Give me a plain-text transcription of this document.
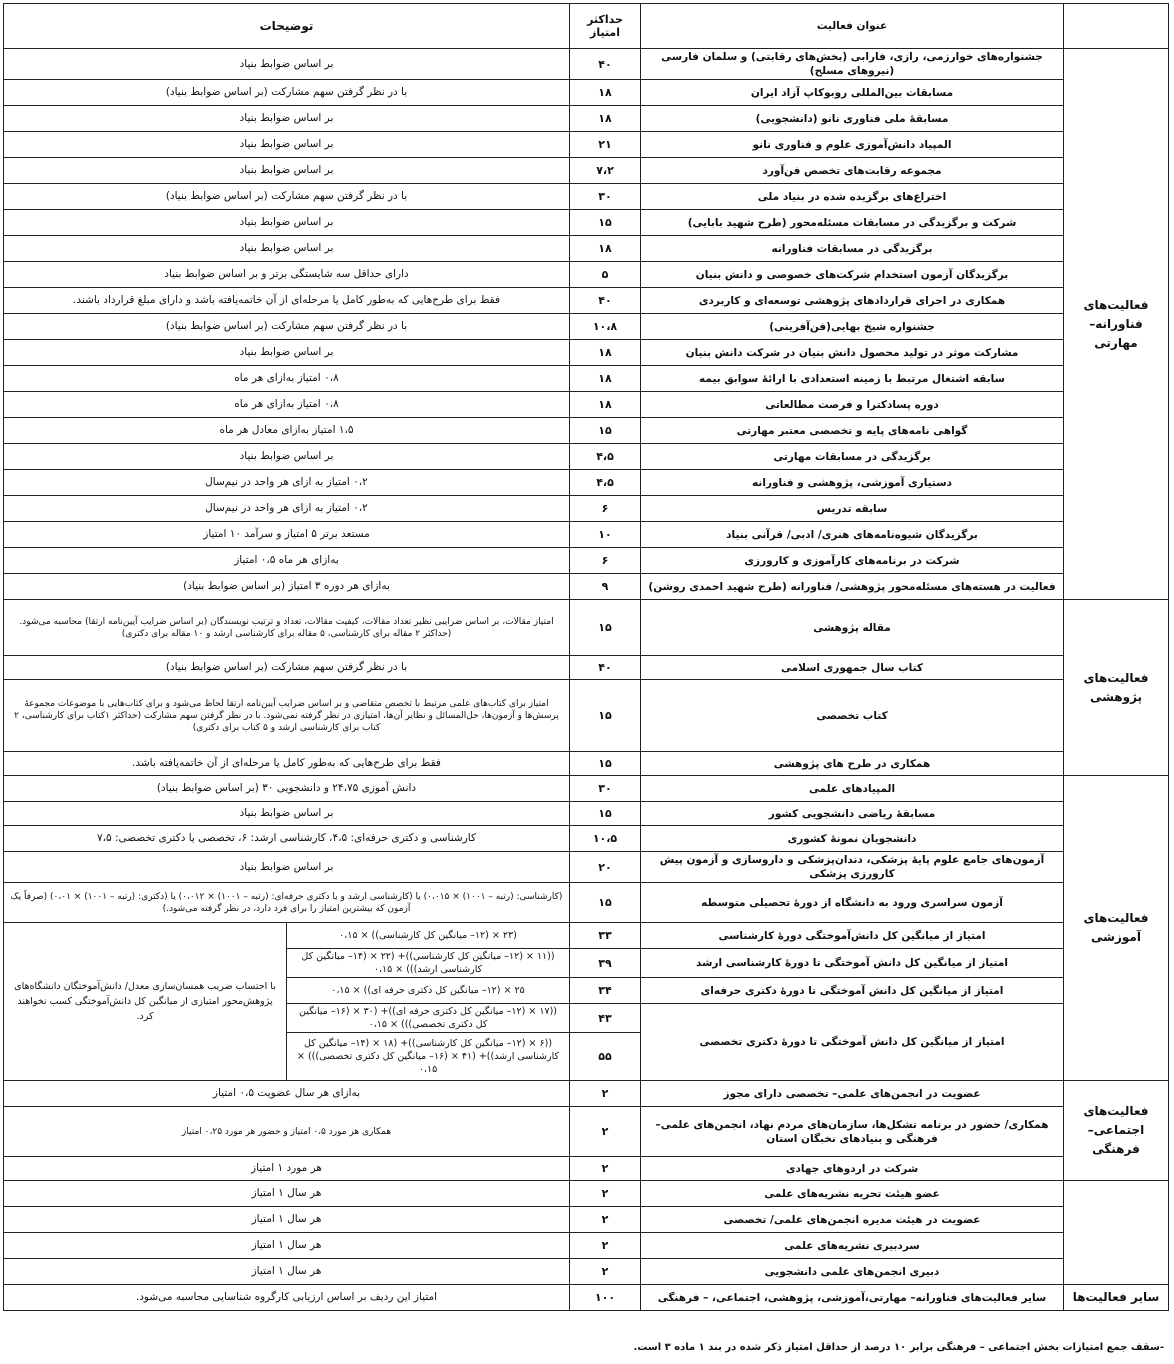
	عنوان فعالیت	حداکثر امتیاز	توضیحات	
فعالیت‌های فناورانه– مهارتی	جشنواره‌های خوارزمی، رازی، فارابی (بخش‌های رقابتی) و سلمان فارسی (نیروهای مسلح)	۴۰	بر اساس ضوابط بنیاد	
	مسابقات بین‌المللی روبوکاپ آزاد ایران	۱۸	با در نظر گرفتن سهم مشارکت (بر اساس ضوابط بنیاد)	
	مسابقهٔ ملی فناوری نانو (دانشجویی)	۱۸	بر اساس ضوابط بنیاد	
	المپیاد دانش‌آموزی علوم و فناوری نانو	۲۱	بر اساس ضوابط بنیاد	
	مجموعه رقابت‌های تخصص فن‌آورد	۷،۲	بر اساس ضوابط بنیاد	
	اختراع‌های برگزیده شده در بنیاد ملی	۳۰	با در نظر گرفتن سهم مشارکت (بر اساس ضوابط بنیاد)	
	شرکت و برگزیدگی در مسابقات مسئله‌محور (طرح شهید بابایی)	۱۵	بر اساس ضوابط بنیاد	
	برگزیدگی در مسابقات فناورانه	۱۸	بر اساس ضوابط بنیاد	
	برگزیدگان آزمون استخدام شرکت‌های خصوصی و دانش بنیان	۵	دارای حداقل سه شایستگی برتر و بر اساس ضوابط بنیاد	
	همکاری در اجرای قراردادهای پژوهشی توسعه‌ای و کاربردی	۴۰	فقط برای طرح‌هایی که به‌طور کامل یا مرحله‌ای از آن خاتمه‌یافته باشد و دارای مبلغ قرارداد باشند.	
	جشنواره شیخ بهایی(فن‌آفرینی)	۱۰،۸	با در نظر گرفتن سهم مشارکت (بر اساس ضوابط بنیاد)	
	مشارکت موثر در تولید محصول دانش بنیان در شرکت دانش بنیان	۱۸	بر اساس ضوابط بنیاد	
	سابقه اشتغال مرتبط با زمینه استعدادی با ارائهٔ سوابق بیمه	۱۸	۰،۸ امتیاز به‌ازای هر ماه	
	دوره پسادکترا و فرصت مطالعاتی	۱۸	۰،۸ امتیاز به‌ازای هر ماه	
	گواهی نامه‌های پایه و تخصصی معتبر مهارتی	۱۵	۱،۵ امتیاز به‌ازای معادل هر ماه	
	برگزیدگی در مسابقات مهارتی	۴،۵	بر اساس ضوابط بنیاد	
	دستیاری آموزشی، پژوهشی و فناورانه	۴،۵	۰،۲ امتیاز به ازای هر واحد در نیم‌سال	
	سابقه تدریس	۶	۰،۲ امتیاز به ازای هر واحد در نیم‌سال	
	برگزیدگان شیوه‌نامه‌های هنری/ ادبی/ قرآنی بنیاد	۱۰	مستعد برتر ۵ امتیاز و سرآمد ۱۰ امتیاز	
	شرکت در برنامه‌های کارآموزی و کارورزی	۶	به‌ازای هر ماه ۰،۵ امتیاز	
	فعالیت در هسته‌های مسئله‌محور پژوهشی/ فناورانه (طرح شهید احمدی روشن)	۹	به‌ازای هر دوره ۳ امتیاز (بر اساس ضوابط بنیاد)	
فعالیت‌های پژوهشی	مقاله پژوهشی	۱۵	امتیاز مقالات، بر اساس ضرایبی نظیر تعداد مقالات، کیفیت مقالات، تعداد و ترتیب نویسندگان (بر اساس ضرایب آیین‌نامه ارتقا) محاسبه می‌شود. (حداکثر ۲ مقاله برای کارشناسی، ۵ مقاله برای کارشناسی ارشد و ۱۰ مقاله برای دکتری)	
	کتاب سال جمهوری اسلامی	۴۰	با در نظر گرفتن سهم مشارکت (بر اساس ضوابط بنیاد)	
	کتاب تخصصی	۱۵	امتیاز برای کتاب‌های علمی مرتبط با تخصص متقاضی و بر اساس ضرایب آیین‌نامه ارتقا لحاظ می‌شود و برای کتاب‌هایی با موضوعات مجموعهٔ پرسش‌ها و آزمون‌ها، حل‌المسائل و نظایر آن‌ها، امتیازی در نظر گرفته نمی‌شود. با در نظر گرفتن سهم مشارکت (حداکثر ۱کتاب برای کارشناسی، ۲ کتاب برای کارشناسی ارشد و ۵ کتاب برای دکتری)	
	همکاری در طرح های پژوهشی	۱۵	فقط برای طرح‌هایی که به‌طور کامل یا مرحله‌ای از آن خاتمه‌یافته باشد.	
فعالیت‌های آموزشی	المپیادهای علمی	۳۰	دانش آموزی ۲۴،۷۵ و دانشجویی ۳۰ (بر اساس ضوابط بنیاد)	
	مسابقهٔ ریاضی دانشجویی کشور	۱۵	بر اساس ضوابط بنیاد	
	دانشجویان نمونهٔ کشوری	۱۰،۵	کارشناسی و دکتری حرفه‌ای: ۴،۵، کارشناسی ارشد: ۶، تخصصی یا دکتری تخصصی: ۷،۵	
	آزمون‌های جامع علوم پایهٔ پزشکی، دندان‌پزشکی و داروسازی و آزمون پیش کارورزی پزشکی	۲۰	بر اساس ضوابط بنیاد	
	آزمون سراسری ورود به دانشگاه از دورهٔ تحصیلی متوسطه	۱۵	(کارشناسی: (رتبه – ۱۰۰۱) × ۰،۰۱۵) یا (کارشناسی ارشد و یا دکتری حرفه‌ای: (رتبه – ۱۰۰۱) × ۰،۰۱۲) یا (دکتری: (رتبه – ۱۰۰۱) × ۰،۰۱) (صرفاً یک آزمون که بیشترین امتیاز را برای فرد دارد، در نظر گرفته می‌شود.)	
	امتیاز از میانگین کل دانش‌آموختگی دورهٔ کارشناسی	۳۳	(۲۳ × (۱۲– میانگین کل کارشناسی)) × ۰،۱۵	با احتساب ضریب همسان‌سازی معدل/ دانش‌آموختگان دانشگاه‌های پژوهش‌محور امتیازی از میانگین کل دانش‌آموختگی کسب نخواهند کرد.
	امتیاز از میانگین کل دانش آموختگی تا دورهٔ کارشناسی ارشد	۳۹	((۱۱ × (۱۲– میانگین کل کارشناسی))+ (۲۲ × (۱۴– میانگین کل کارشناسی ارشد))) × ۰،۱۵	
	امتیاز از میانگین کل دانش آموختگی تا دورهٔ دکتری حرفه‌ای	۳۴	۲۵ × (۱۲– میانگین کل دکتری حرفه ای)) × ۰،۱۵	
	امتیاز از میانگین کل دانش آموختگی تا دورهٔ دکتری تخصصی	۴۳	((۱۷ × (۱۲– میانگین کل دکتری حرفه ای))+ (۳۰ × (۱۶– میانگین کل دکتری تخصصی))) × ۰،۱۵	
		۵۵	((۶ × (۱۲– میانگین کل کارشناسی))+ (۱۸ × (۱۴– میانگین کل کارشناسی ارشد))+ (۴۱ × (۱۶– میانگین کل دکتری تخصصی))) × ۰،۱۵	
فعالیت‌های اجتماعی– فرهنگی	عضویت در انجمن‌های علمی– تخصصی دارای مجوز	۲	به‌ازای هر سال عضویت ۰،۵ امتیاز	
	همکاری/ حضور در برنامه تشکل‌ها، سازمان‌های مردم نهاد، انجمن‌های علمی– فرهنگی و بنیادهای نخبگان استان	۲	همکاری هر مورد ۰،۵ امتیاز و حضور هر مورد ۰،۲۵ امتیاز	
	شرکت در اردوهای جهادی	۲	هر مورد ۱ امتیاز	
	عضو هیئت تحریه نشریه‌های علمی	۲	هر سال ۱ امتیاز	
	عضویت در هیئت مدیره انجمن‌های علمی/ تخصصی	۲	هر سال ۱ امتیاز	
	سردبیری نشریه‌های علمی	۲	هر سال ۱ امتیاز	
	دبیری انجمن‌های علمی دانشجویی	۲	هر سال ۱ امتیاز	
سایر فعالیت‌ها	سایر فعالیت‌های فناورانه– مهارتی،آموزشی، پژوهشی، اجتماعی، – فرهنگی	۱۰۰	امتیاز این ردیف بر اساس ارزیابی کارگروه شناسایی محاسبه می‌شود.	
-سقف جمع امتیازات بخش اجتماعی – فرهنگی برابر ۱۰ درصد از حداقل امتیاز ذکر شده در بند ۱ ماده ۳ است.
